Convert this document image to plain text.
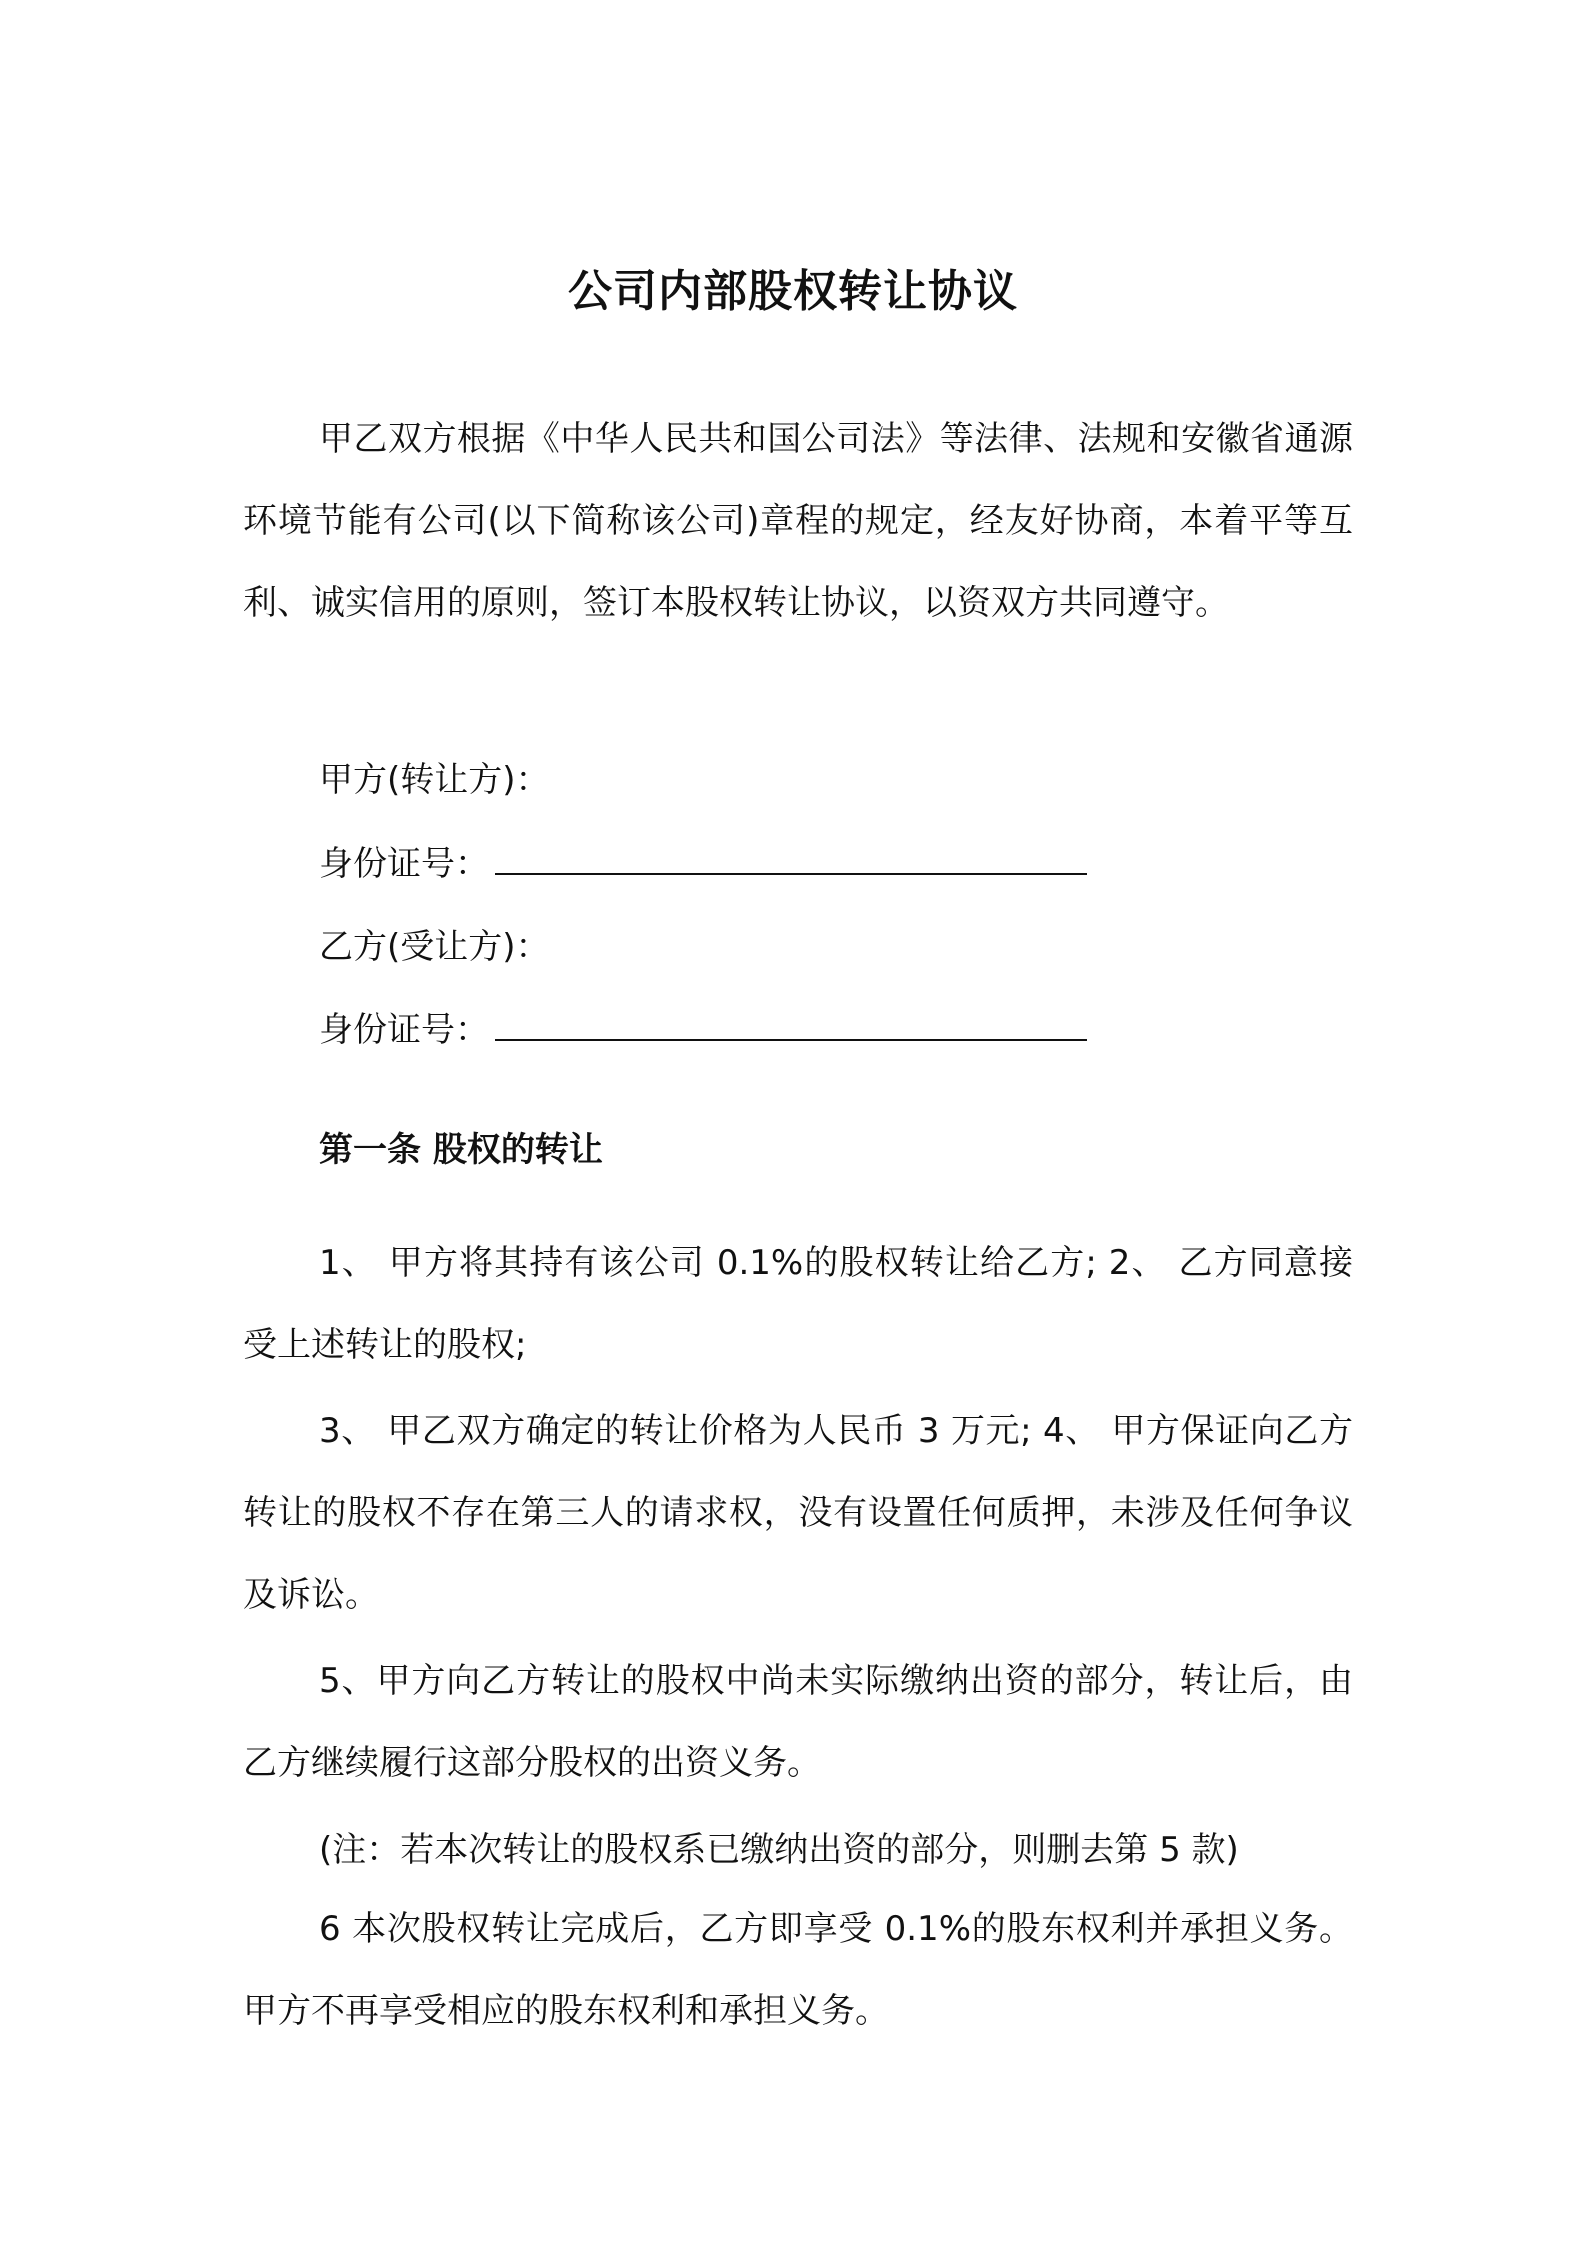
公司内部股权转让协议

甲乙双方根据《中华人民共和国公司法》等法律、法规和安徽省通源环境节能有公司(以下简称该公司)章程的规定，经友好协商，本着平等互利、诚实信用的原则，签订本股权转让协议，以资双方共同遵守。

甲方(转让方)：
身份证号：
乙方(受让方)：
身份证号：
第一条 股权的转让

1、 甲方将其持有该公司 0.1%的股权转让给乙方; 2、 乙方同意接受上述转让的股权;

3、 甲乙双方确定的转让价格为人民币 3 万元; 4、 甲方保证向乙方转让的股权不存在第三人的请求权，没有设置任何质押，未涉及任何争议及诉讼。

5、甲方向乙方转让的股权中尚未实际缴纳出资的部分，转让后，由乙方继续履行这部分股权的出资义务。

(注：若本次转让的股权系已缴纳出资的部分，则删去第 5 款)

6 本次股权转让完成后，乙方即享受 0.1%的股东权利并承担义务。甲方不再享受相应的股东权利和承担义务。
